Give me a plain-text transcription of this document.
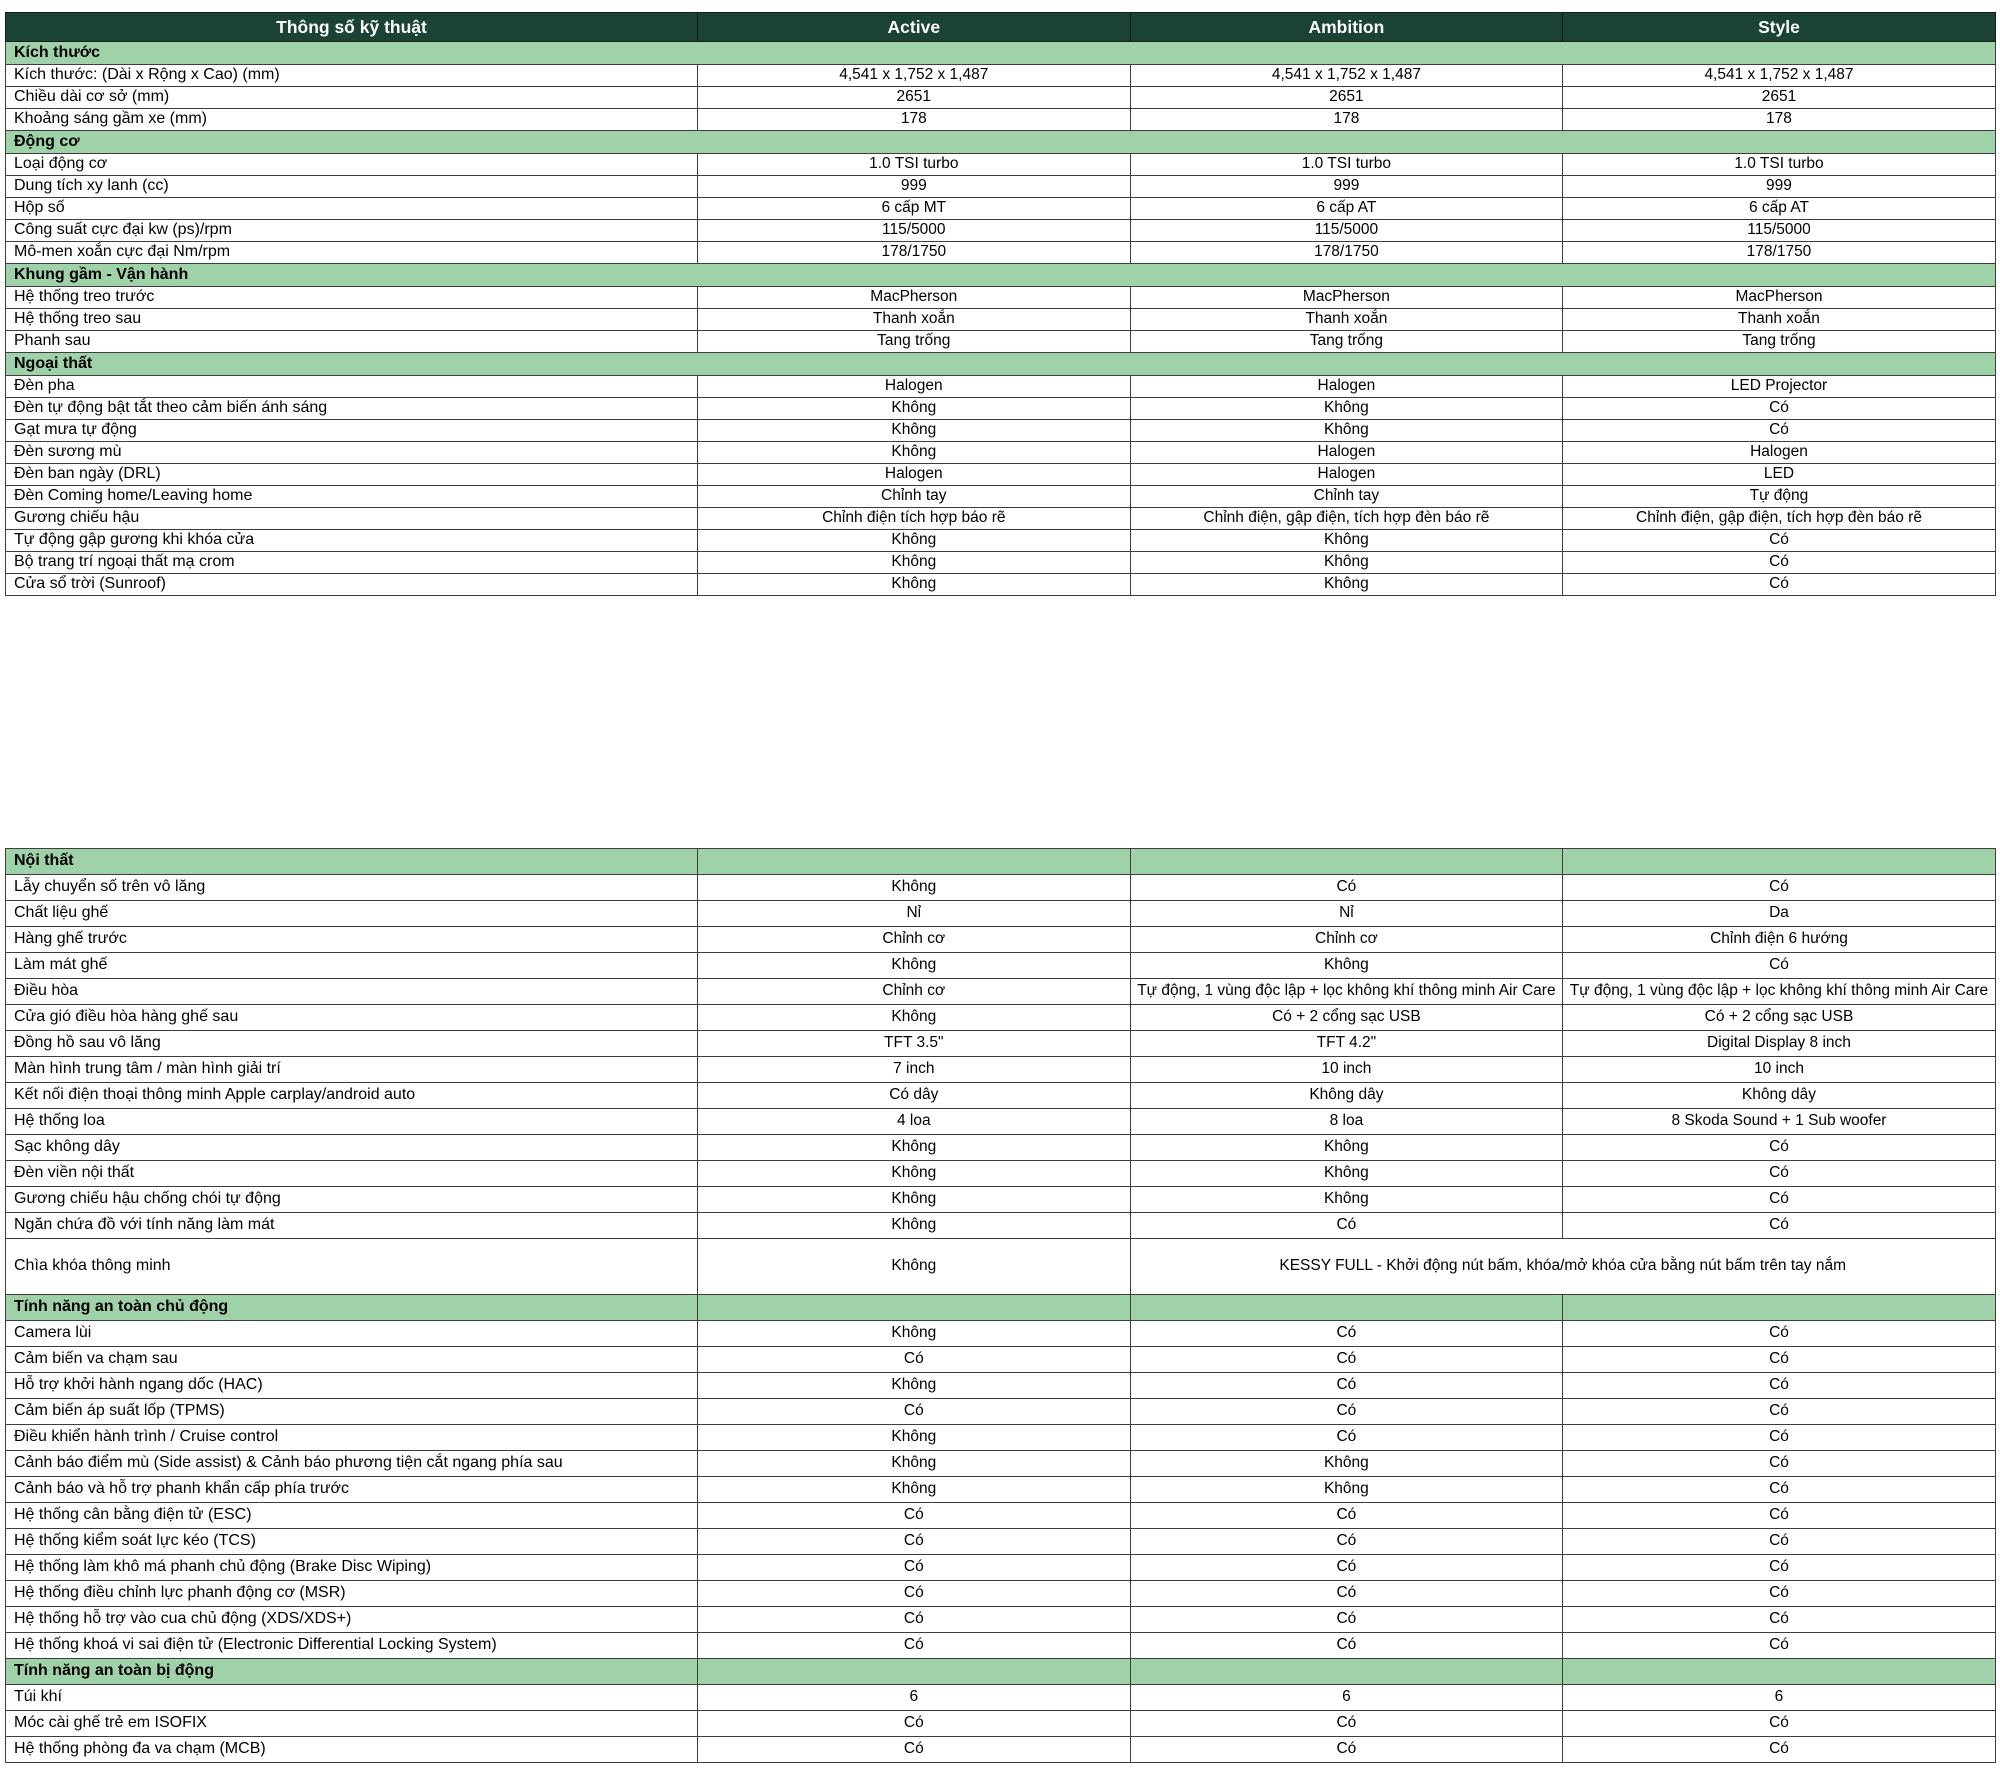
Thông số kỹ thuật	Active	Ambition	Style
Kích thước			
Kích thước: (Dài x Rộng x Cao) (mm)	4,541 x 1,752 x 1,487	4,541 x 1,752 x 1,487	4,541 x 1,752 x 1,487
Chiều dài cơ sở (mm)	2651	2651	2651
Khoảng sáng gầm xe (mm)	178	178	178
Động cơ			
Loại động cơ	1.0 TSI turbo	1.0 TSI turbo	1.0 TSI turbo
Dung tích xy lanh (cc)	999	999	999
Hộp số	6 cấp MT	6 cấp AT	6 cấp AT
Công suất cực đại kw (ps)/rpm	115/5000	115/5000	115/5000
Mô-men xoắn cực đại Nm/rpm	178/1750	178/1750	178/1750
Khung gầm - Vận hành			
Hệ thống treo trước	MacPherson	MacPherson	MacPherson
Hệ thống treo sau	Thanh xoắn	Thanh xoắn	Thanh xoắn
Phanh sau	Tang trống	Tang trống	Tang trống
Ngoại thất			
Đèn pha	Halogen	Halogen	LED Projector
Đèn tự động bật tắt theo cảm biến ánh sáng	Không	Không	Có
Gạt mưa tự động	Không	Không	Có
Đèn sương mù	Không	Halogen	Halogen
Đèn ban ngày (DRL)	Halogen	Halogen	LED
Đèn Coming home/Leaving home	Chỉnh tay	Chỉnh tay	Tự động
Gương chiếu hậu	Chỉnh điện tích hợp báo rẽ	Chỉnh điện, gập điện, tích hợp đèn báo rẽ	Chỉnh điện, gập điện, tích hợp đèn báo rẽ
Tự động gập gương khi khóa cửa	Không	Không	Có
Bộ trang trí ngoại thất mạ crom	Không	Không	Có
Cửa sổ trời (Sunroof)	Không	Không	Có
Nội thất			
Lẫy chuyển số trên vô lăng	Không	Có	Có
Chất liệu ghế	Nỉ	Nỉ	Da
Hàng ghế trước	Chỉnh cơ	Chỉnh cơ	Chỉnh điện 6 hướng
Làm mát ghế	Không	Không	Có
Điều hòa	Chỉnh cơ	Tự động, 1 vùng độc lập + lọc không khí thông minh Air Care	Tự động, 1 vùng độc lập + lọc không khí thông minh Air Care
Cửa gió điều hòa hàng ghế sau	Không	Có + 2 cổng sạc USB	Có + 2 cổng sạc USB
Đồng hồ sau vô lăng	TFT 3.5"	TFT 4.2"	Digital Display 8 inch
Màn hình trung tâm / màn hình giải trí	7 inch	10 inch	10 inch
Kết nối điện thoại thông minh Apple carplay/android auto	Có dây	Không dây	Không dây
Hệ thống loa	4 loa	8 loa	8 Skoda Sound + 1 Sub woofer
Sạc không dây	Không	Không	Có
Đèn viền nội thất	Không	Không	Có
Gương chiếu hậu chống chói tự động	Không	Không	Có
Ngăn chứa đồ với tính năng làm mát	Không	Có	Có
Chìa khóa thông minh	Không	KESSY FULL - Khởi động nút bấm, khóa/mở khóa cửa bằng nút bấm trên tay nắm	
Tính năng an toàn chủ động			
Camera lùi	Không	Có	Có
Cảm biến va chạm sau	Có	Có	Có
Hỗ trợ khởi hành ngang dốc (HAC)	Không	Có	Có
Cảm biến áp suất lốp (TPMS)	Có	Có	Có
Điều khiển hành trình / Cruise control	Không	Có	Có
Cảnh báo điểm mù (Side assist) & Cảnh báo phương tiện cắt ngang phía sau	Không	Không	Có
Cảnh báo và hỗ trợ phanh khẩn cấp phía trước	Không	Không	Có
Hệ thống cân bằng điện tử (ESC)	Có	Có	Có
Hệ thống kiểm soát lực kéo (TCS)	Có	Có	Có
Hệ thống làm khô má phanh chủ động (Brake Disc Wiping)	Có	Có	Có
Hệ thống điều chỉnh lực phanh động cơ (MSR)	Có	Có	Có
Hệ thống hỗ trợ vào cua chủ động (XDS/XDS+)	Có	Có	Có
Hệ thống khoá vi sai điện tử (Electronic Differential Locking System)	Có	Có	Có
Tính năng an toàn bị động			
Túi khí	6	6	6
Móc cài ghế trẻ em ISOFIX	Có	Có	Có
Hệ thống phòng đa va chạm (MCB)	Có	Có	Có
